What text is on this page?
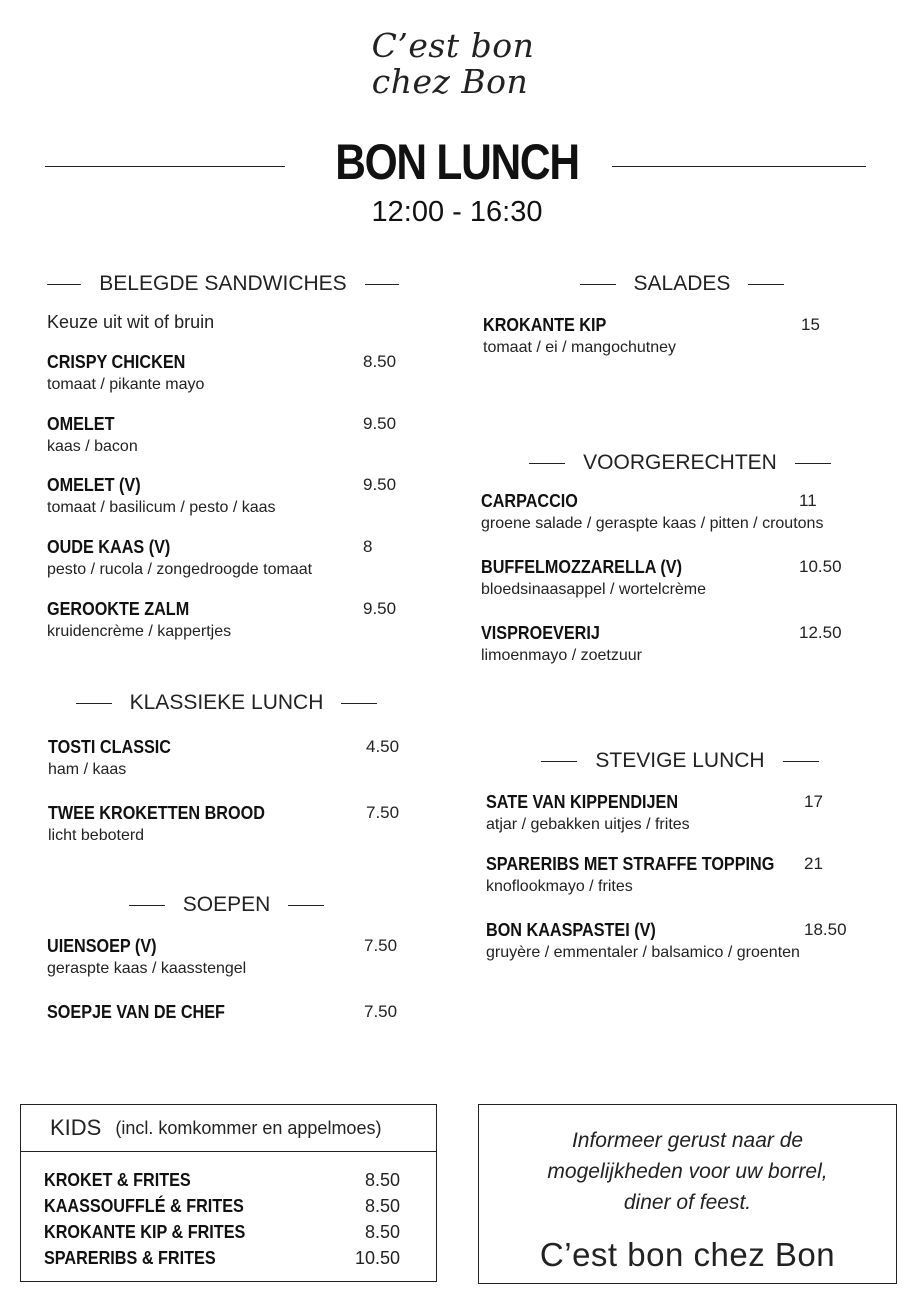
C’est bon
chez Bon
BON LUNCH
12:00 - 16:30
BELEGDE SANDWICHES
Keuze uit wit of bruin
CRISPY CHICKEN
tomaat / pikante mayo
8.50
OMELET
kaas / bacon
9.50
OMELET (V)
tomaat / basilicum / pesto / kaas
9.50
OUDE KAAS (V)
pesto / rucola / zongedroogde tomaat
8
GEROOKTE ZALM
kruidencrème / kappertjes
9.50
KLASSIEKE LUNCH
TOSTI CLASSIC
ham / kaas
4.50
TWEE KROKETTEN BROOD
licht beboterd
7.50
SOEPEN
UIENSOEP (V)
geraspte kaas / kaasstengel
7.50
SOEPJE VAN DE CHEF	7.50
SALADES
KROKANTE KIP
tomaat / ei / mangochutney
15
VOORGERECHTEN
CARPACCIO
groene salade / geraspte kaas / pitten / croutons
11
BUFFELMOZZARELLA (V)
bloedsinaasappel / wortelcrème
10.50
VISPROEVERIJ
limoenmayo / zoetzuur
12.50
STEVIGE LUNCH
SATE VAN KIPPENDIJEN
atjar / gebakken uitjes / frites
17
SPARERIBS MET STRAFFE TOPPING
knoflookmayo / frites
21
BON KAASPASTEI (V)
gruyère / emmentaler / balsamico / groenten
18.50
KIDS (incl. komkommer en appelmoes)
KROKET & FRITES	8.50
KAASSOUFFLÉ & FRITES	8.50
KROKANTE KIP & FRITES	8.50
SPARERIBS & FRITES	10.50
Informeer gerust naar de
mogelijkheden voor uw borrel,
diner of feest.
C’est bon chez Bon
